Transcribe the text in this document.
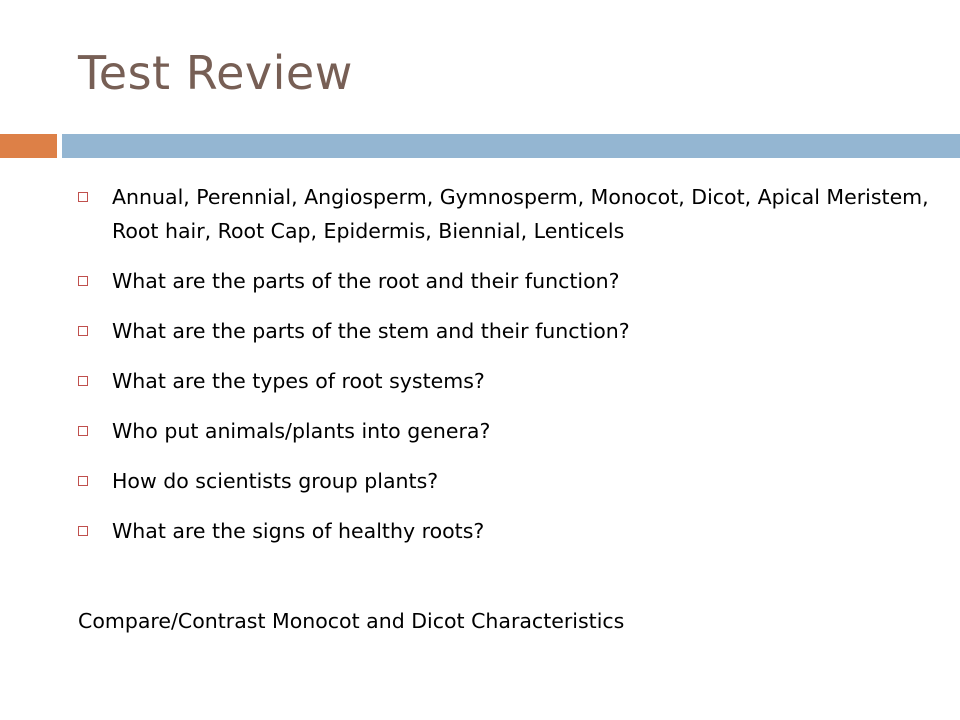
Test Review
Annual, Perennial, Angiosperm, Gymnosperm, Monocot, Dicot, Apical Meristem, Root hair, Root Cap, Epidermis, Biennial, Lenticels
What are the parts of the root and their function?
What are the parts of the stem and their function?
What are the types of root systems?
Who put animals/plants into genera?
How do scientists group plants?
What are the signs of healthy roots?
Compare/Contrast Monocot and Dicot Characteristics
